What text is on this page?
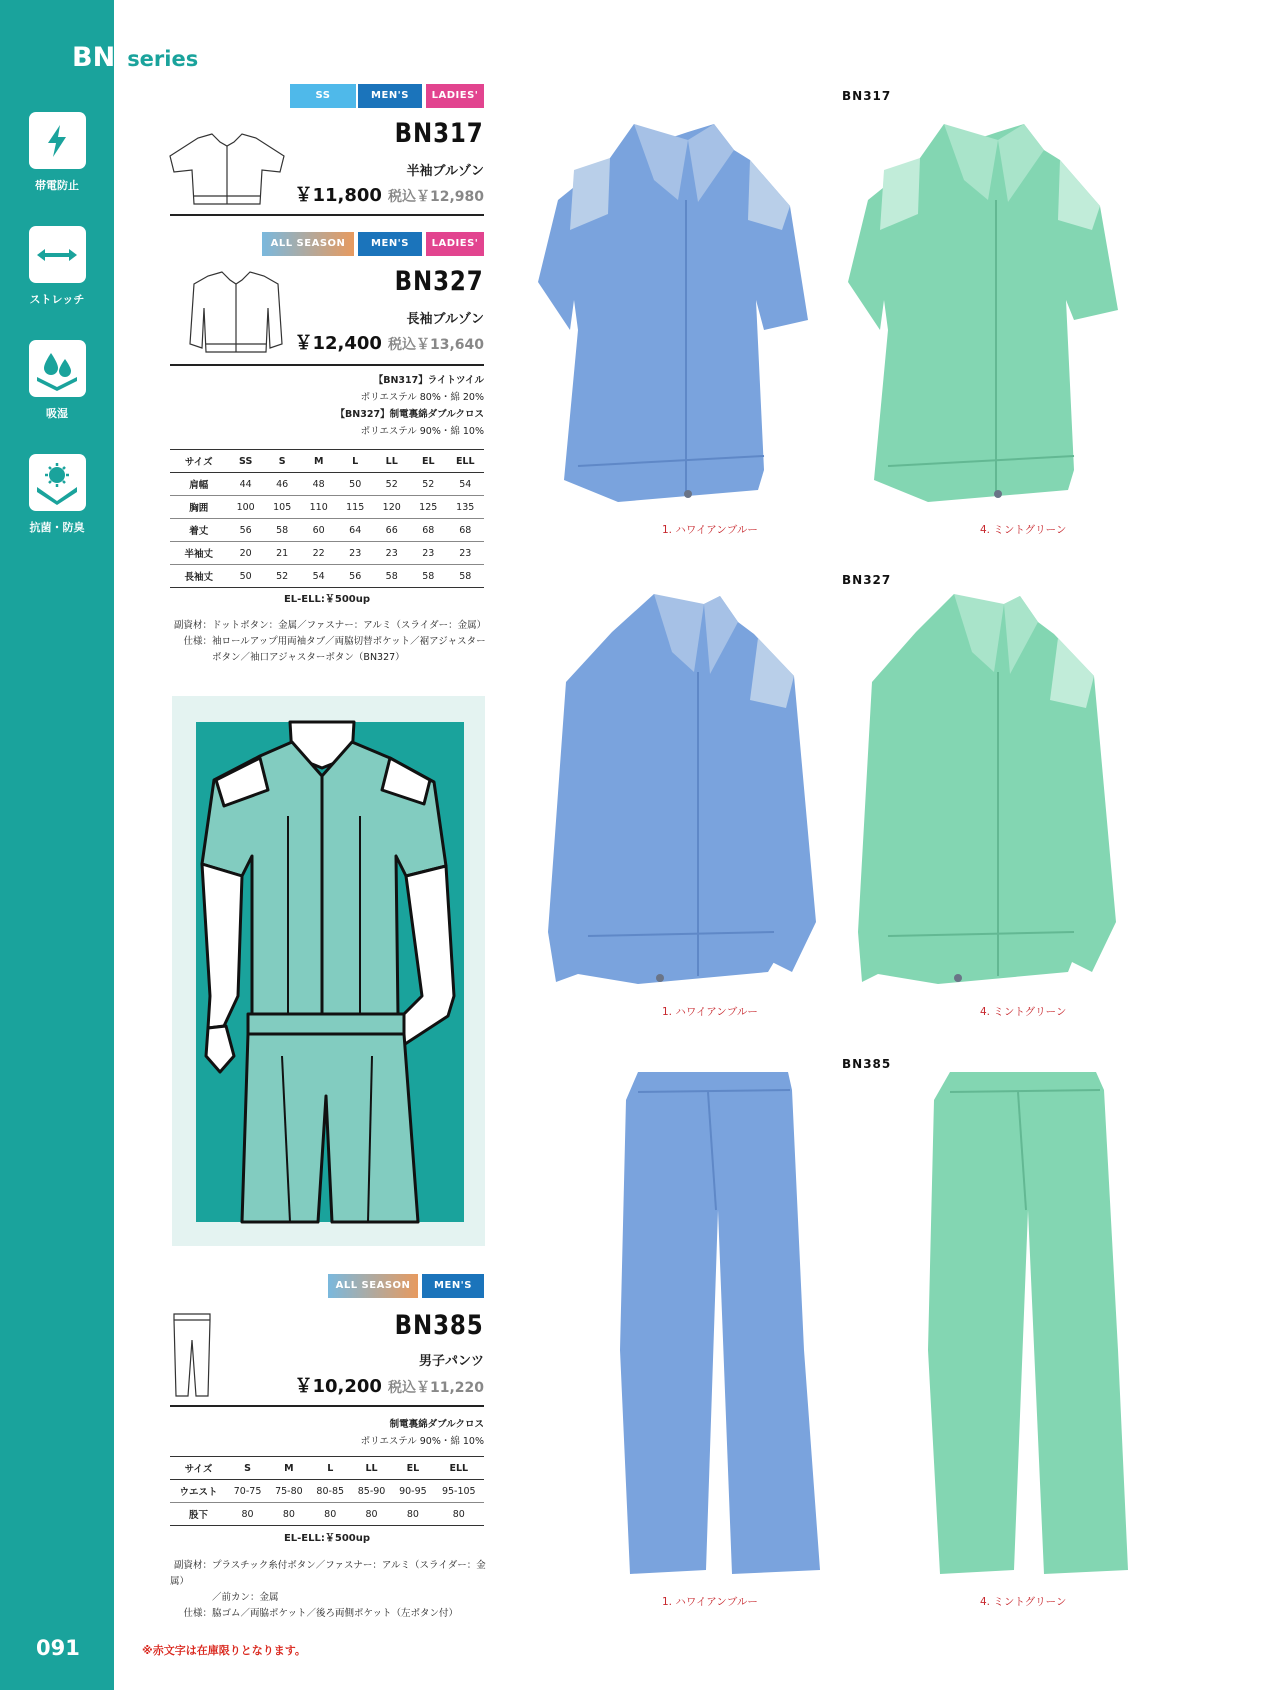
BN series
帯電防止
ストレッチ
吸湿
抗菌・防臭
091	※赤文字は在庫限りとなります。
SS	MEN'S	LADIES'
BN317
半袖ブルゾン
￥11,800 税込￥12,980
ALL SEASON	MEN'S	LADIES'
BN327
長袖ブルゾン
￥12,400 税込￥13,640
【BN317】ライトツイル
ポリエステル 80%・綿 20%
【BN327】制電裏綿ダブルクロス
ポリエステル 90%・綿 10%
サイズ	SS	S	M	L	LL	EL	ELL
肩幅	44	46	48	50	52	52	54
胸囲	100	105	110	115	120	125	135
着丈	56	58	60	64	66	68	68
半袖丈	20	21	22	23	23	23	23
長袖丈	50	52	54	56	58	58	58
EL-ELL:￥500up
副資材：ドットボタン：金属／ファスナー：アルミ（スライダー：金属）
仕様：袖ロールアップ用両袖タブ／両脇切替ポケット／裾アジャスター
ボタン／袖口アジャスターボタン（BN327）
ALL SEASON	MEN'S
BN385
男子パンツ
￥10,200 税込￥11,220
制電裏綿ダブルクロス
ポリエステル 90%・綿 10%
サイズ	S	M	L	LL	EL	ELL
ウエスト	70-75	75-80	80-85	85-90	90-95	95-105
股下	80	80	80	80	80	80
EL-ELL:￥500up
副資材：プラスチック糸付ボタン／ファスナー：アルミ（スライダー：金属）
／前カン：金属
仕様：脇ゴム／両脇ポケット／後ろ両側ポケット（左ボタン付）
BN317
1. ハワイアンブルー	4. ミントグリーン
BN327
1. ハワイアンブルー	4. ミントグリーン
BN385
1. ハワイアンブルー	4. ミントグリーン
